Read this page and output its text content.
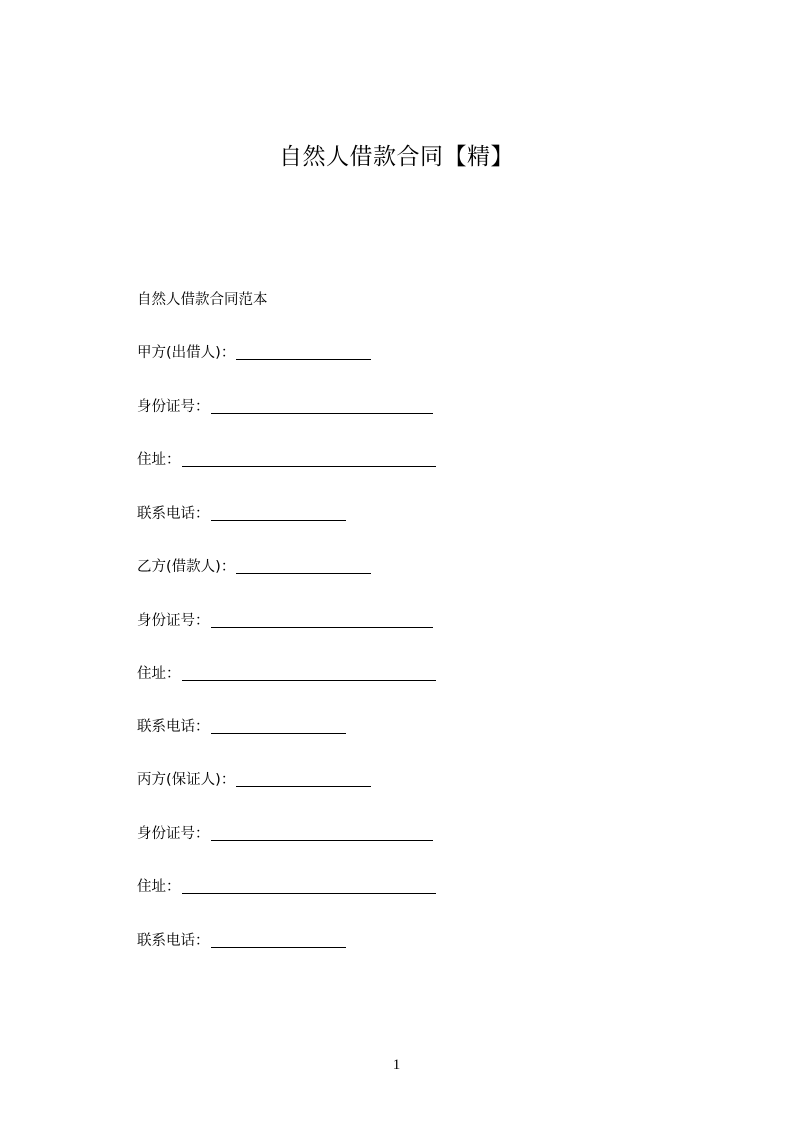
自然人借款合同【精】
自然人借款合同范本
甲方(出借人)：
身份证号：
住址：
联系电话：
乙方(借款人)：
身份证号：
住址：
联系电话：
丙方(保证人)：
身份证号：
住址：
联系电话：
1
